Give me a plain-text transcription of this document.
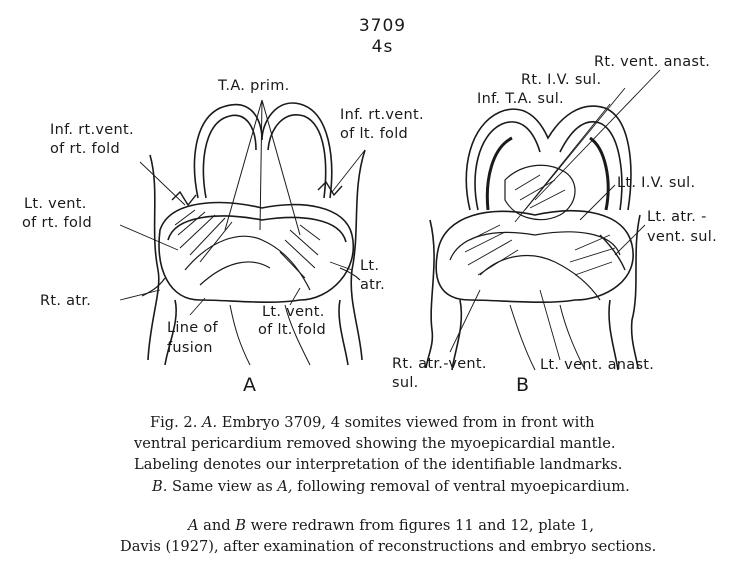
3709
4s
T.A. prim.
Inf. rt.vent.
of rt. fold
Inf. rt.vent.
of lt. fold
Lt. vent.
of rt. fold
Lt.
atr.
Rt. atr.
Line of
fusion
Lt. vent.
of lt. fold
A
Rt. vent. anast.
Rt. I.V. sul.
Inf. T.A. sul.
Lt. I.V. sul.
Lt. atr. -
vent. sul.
Rt. atr.-vent.
sul.
Lt. vent. anast.
B
Fig. 2. A. Embryo 3709, 4 somites viewed from in front with
ventral pericardium removed showing the myoepicardial mantle.
Labeling denotes our interpretation of the identifiable landmarks.
B. Same view as A, following removal of ventral myoepicardium.
A and B were redrawn from figures 11 and 12, plate 1,
Davis (1927), after examination of reconstructions and embryo sections.
